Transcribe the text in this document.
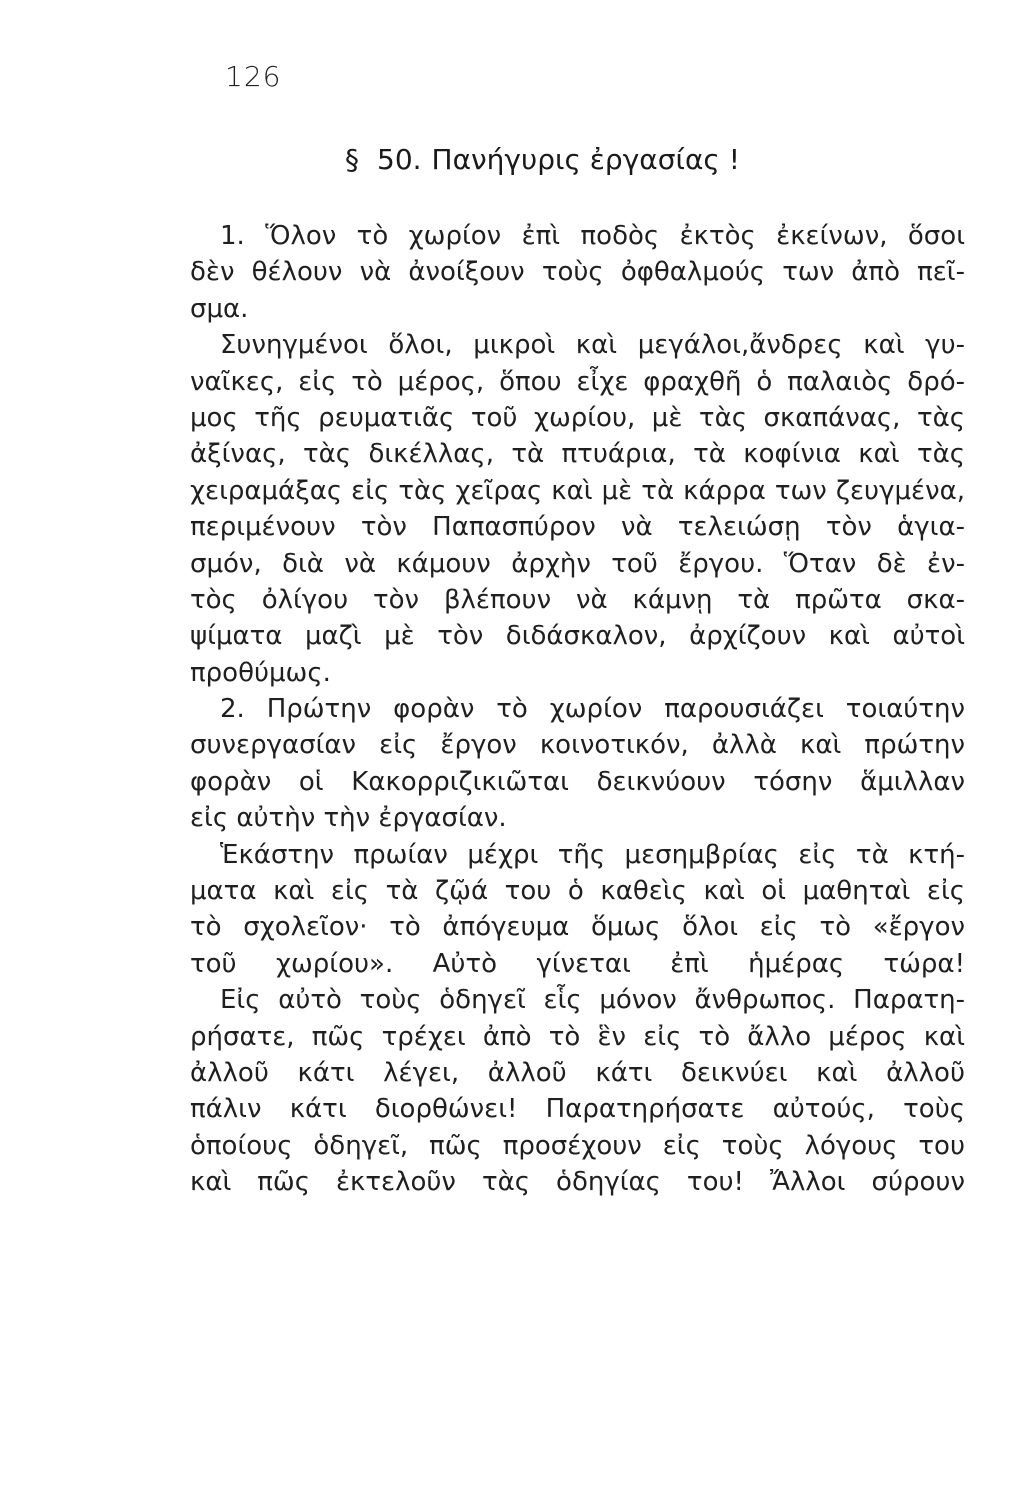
126
§ 50. Πανήγυρις ἐργασίας !
1. Ὅλον τὸ χωρίον ἐπὶ ποδὸς ἐκτὸς ἐκείνων, ὅσοι
δὲν θέλουν νὰ ἀνοίξουν τοὺς ὀφθαλμούς των ἀπὸ πεῖ-
σμα.
Συνηγμένοι ὅλοι, μικροὶ καὶ μεγάλοι,ἄνδρες καὶ γυ-
ναῖκες, εἰς τὸ μέρος, ὅπου εἶχε φραχθῆ ὁ παλαιὸς δρό-
μος τῆς ρευματιᾶς τοῦ χωρίου, μὲ τὰς σκαπάνας, τὰς
ἀξίνας, τὰς δικέλλας, τὰ πτυάρια, τὰ κοφίνια καὶ τὰς
χειραμάξας εἰς τὰς χεῖρας καὶ μὲ τὰ κάρρα των ζευγμένα,
περιμένουν τὸν Παπασπύρον νὰ τελειώσῃ τὸν ἁγια-
σμόν, διὰ νὰ κάμουν ἀρχὴν τοῦ ἔργου. Ὅταν δὲ ἐν-
τὸς ὀλίγου τὸν βλέπουν νὰ κάμνῃ τὰ πρῶτα σκα-
ψίματα μαζὶ μὲ τὸν διδάσκαλον, ἀρχίζουν καὶ αὐτοὶ
προθύμως.
2. Πρώτην φορὰν τὸ χωρίον παρουσιάζει τοιαύτην
συνεργασίαν εἰς ἔργον κοινοτικόν, ἀλλὰ καὶ πρώτην
φορὰν οἱ Κακορριζικιῶται δεικνύουν τόσην ἅμιλλαν
εἰς αὐτὴν τὴν ἐργασίαν.
Ἑκάστην πρωίαν μέχρι τῆς μεσημβρίας εἰς τὰ κτή-
ματα καὶ εἰς τὰ ζῷά του ὁ καθεὶς καὶ οἱ μαθηταὶ εἰς
τὸ σχολεῖον· τὸ ἀπόγευμα ὅμως ὅλοι εἰς τὸ «ἔργον
τοῦ χωρίου». Αὐτὸ γίνεται ἐπὶ ἡμέρας τώρα!
Εἰς αὐτὸ τοὺς ὁδηγεῖ εἷς μόνον ἄνθρωπος. Παρατη-
ρήσατε, πῶς τρέχει ἀπὸ τὸ ἓν εἰς τὸ ἄλλο μέρος καὶ
ἀλλοῦ κάτι λέγει, ἀλλοῦ κάτι δεικνύει καὶ ἀλλοῦ
πάλιν κάτι διορθώνει! Παρατηρήσατε αὐτούς, τοὺς
ὁποίους ὁδηγεῖ, πῶς προσέχουν εἰς τοὺς λόγους του
καὶ πῶς ἐκτελοῦν τὰς ὁδηγίας του! Ἄλλοι σύρουν
